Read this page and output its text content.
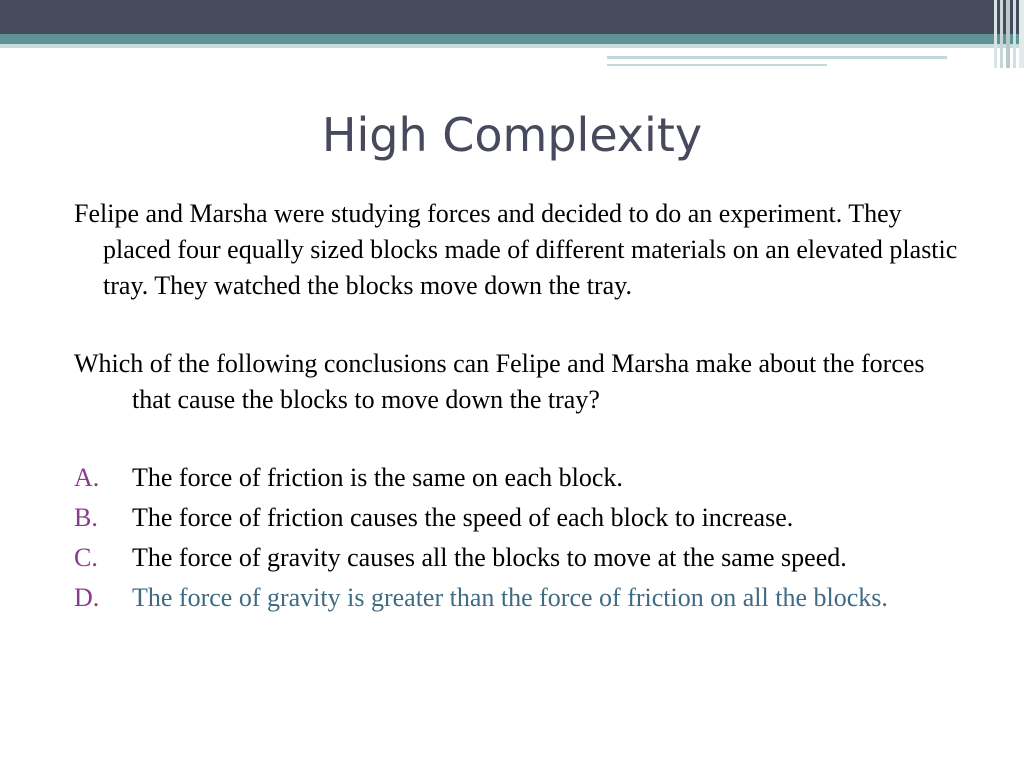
High Complexity

Felipe and Marsha were studying forces and decided to do an experiment. They placed four equally sized blocks made of different materials on an elevated plastic tray. They watched the blocks move down the tray.

Which of the following conclusions can Felipe and Marsha make about the forces that cause the blocks to move down the tray?

A. The force of friction is the same on each block.
B. The force of friction causes the speed of each block to increase.
C. The force of gravity causes all the blocks to move at the same speed.
D. The force of gravity is greater than the force of friction on all the blocks.
